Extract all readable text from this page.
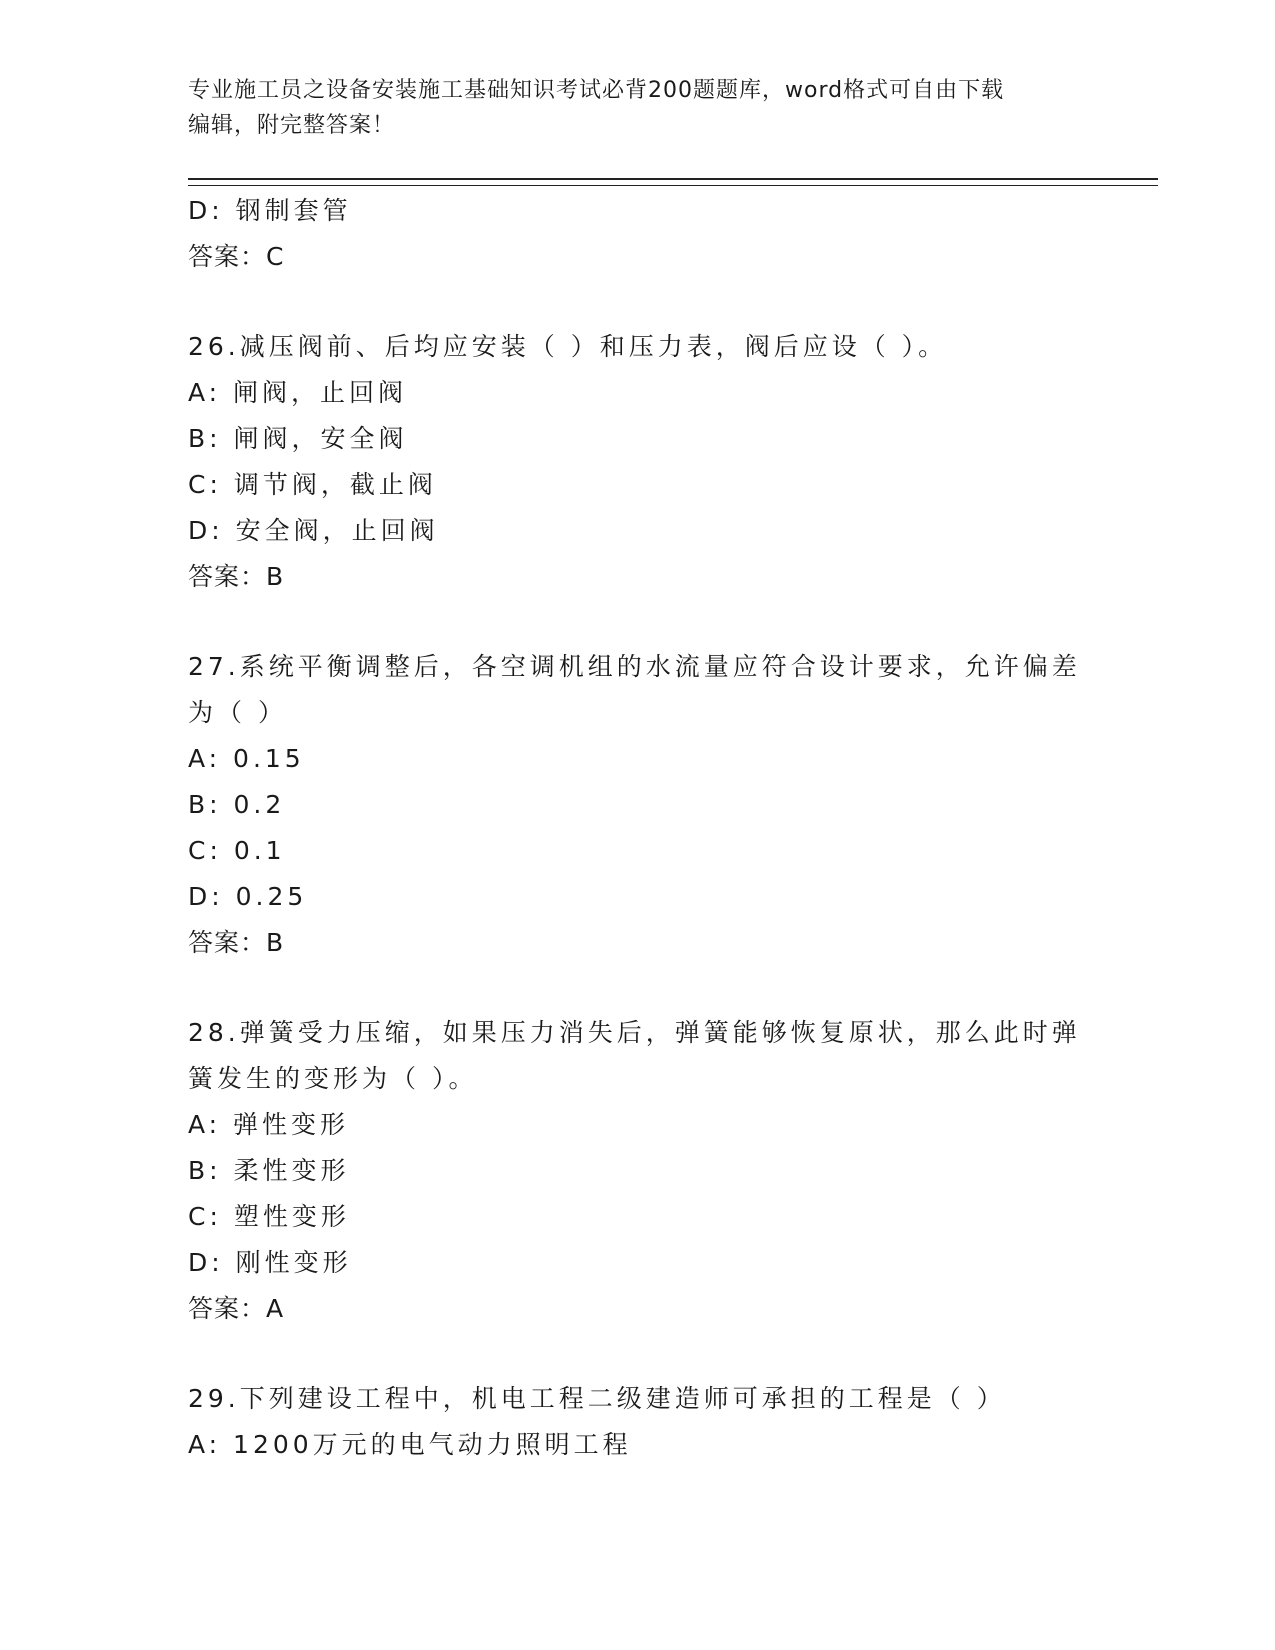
专业施工员之设备安装施工基础知识考试必背200题题库，word格式可自由下载
编辑，附完整答案！
D: 钢制套管
答案：C
26.减压阀前、后均应安装（ ）和压力表，阀后应设（ ）。
A: 闸阀，止回阀
B: 闸阀，安全阀
C: 调节阀，截止阀
D: 安全阀，止回阀
答案：B
27.系统平衡调整后，各空调机组的水流量应符合设计要求，允许偏差
为（ ）
A: 0.15
B: 0.2
C: 0.1
D: 0.25
答案：B
28.弹簧受力压缩，如果压力消失后，弹簧能够恢复原状，那么此时弹
簧发生的变形为（ ）。
A: 弹性变形
B: 柔性变形
C: 塑性变形
D: 刚性变形
答案：A
29.下列建设工程中，机电工程二级建造师可承担的工程是（ ）
A: 1200万元的电气动力照明工程
